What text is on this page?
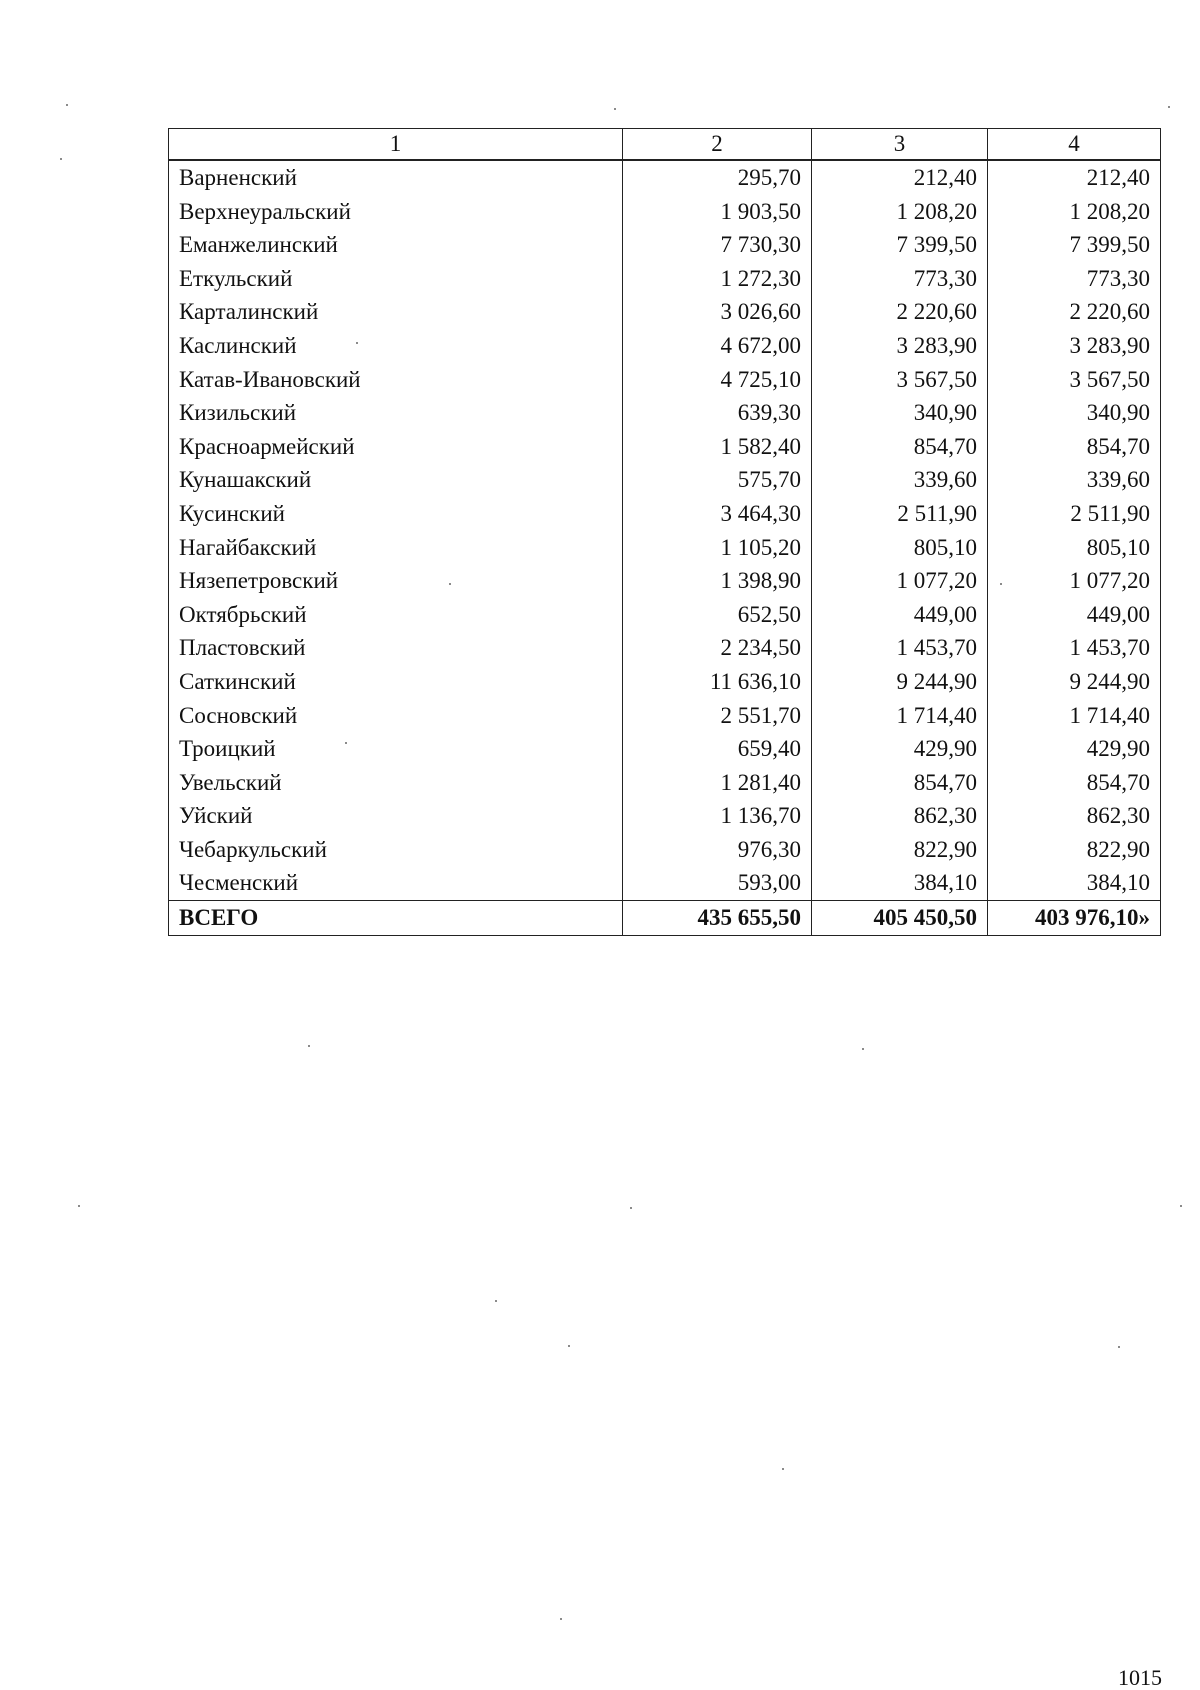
1	2	3	4
Варненский	295,70	212,40	212,40
Верхнеуральский	1 903,50	1 208,20	1 208,20
Еманжелинский	7 730,30	7 399,50	7 399,50
Еткульский	1 272,30	773,30	773,30
Карталинский	3 026,60	2 220,60	2 220,60
Каслинский	4 672,00	3 283,90	3 283,90
Катав-Ивановский	4 725,10	3 567,50	3 567,50
Кизильский	639,30	340,90	340,90
Красноармейский	1 582,40	854,70	854,70
Кунашакский	575,70	339,60	339,60
Кусинский	3 464,30	2 511,90	2 511,90
Нагайбакский	1 105,20	805,10	805,10
Нязепетровский	1 398,90	1 077,20	1 077,20
Октябрьский	652,50	449,00	449,00
Пластовский	2 234,50	1 453,70	1 453,70
Саткинский	11 636,10	9 244,90	9 244,90
Сосновский	2 551,70	1 714,40	1 714,40
Троицкий	659,40	429,90	429,90
Увельский	1 281,40	854,70	854,70
Уйский	1 136,70	862,30	862,30
Чебаркульский	976,30	822,90	822,90
Чесменский	593,00	384,10	384,10
ВСЕГО	435 655,50	405 450,50	403 976,10»
1015
